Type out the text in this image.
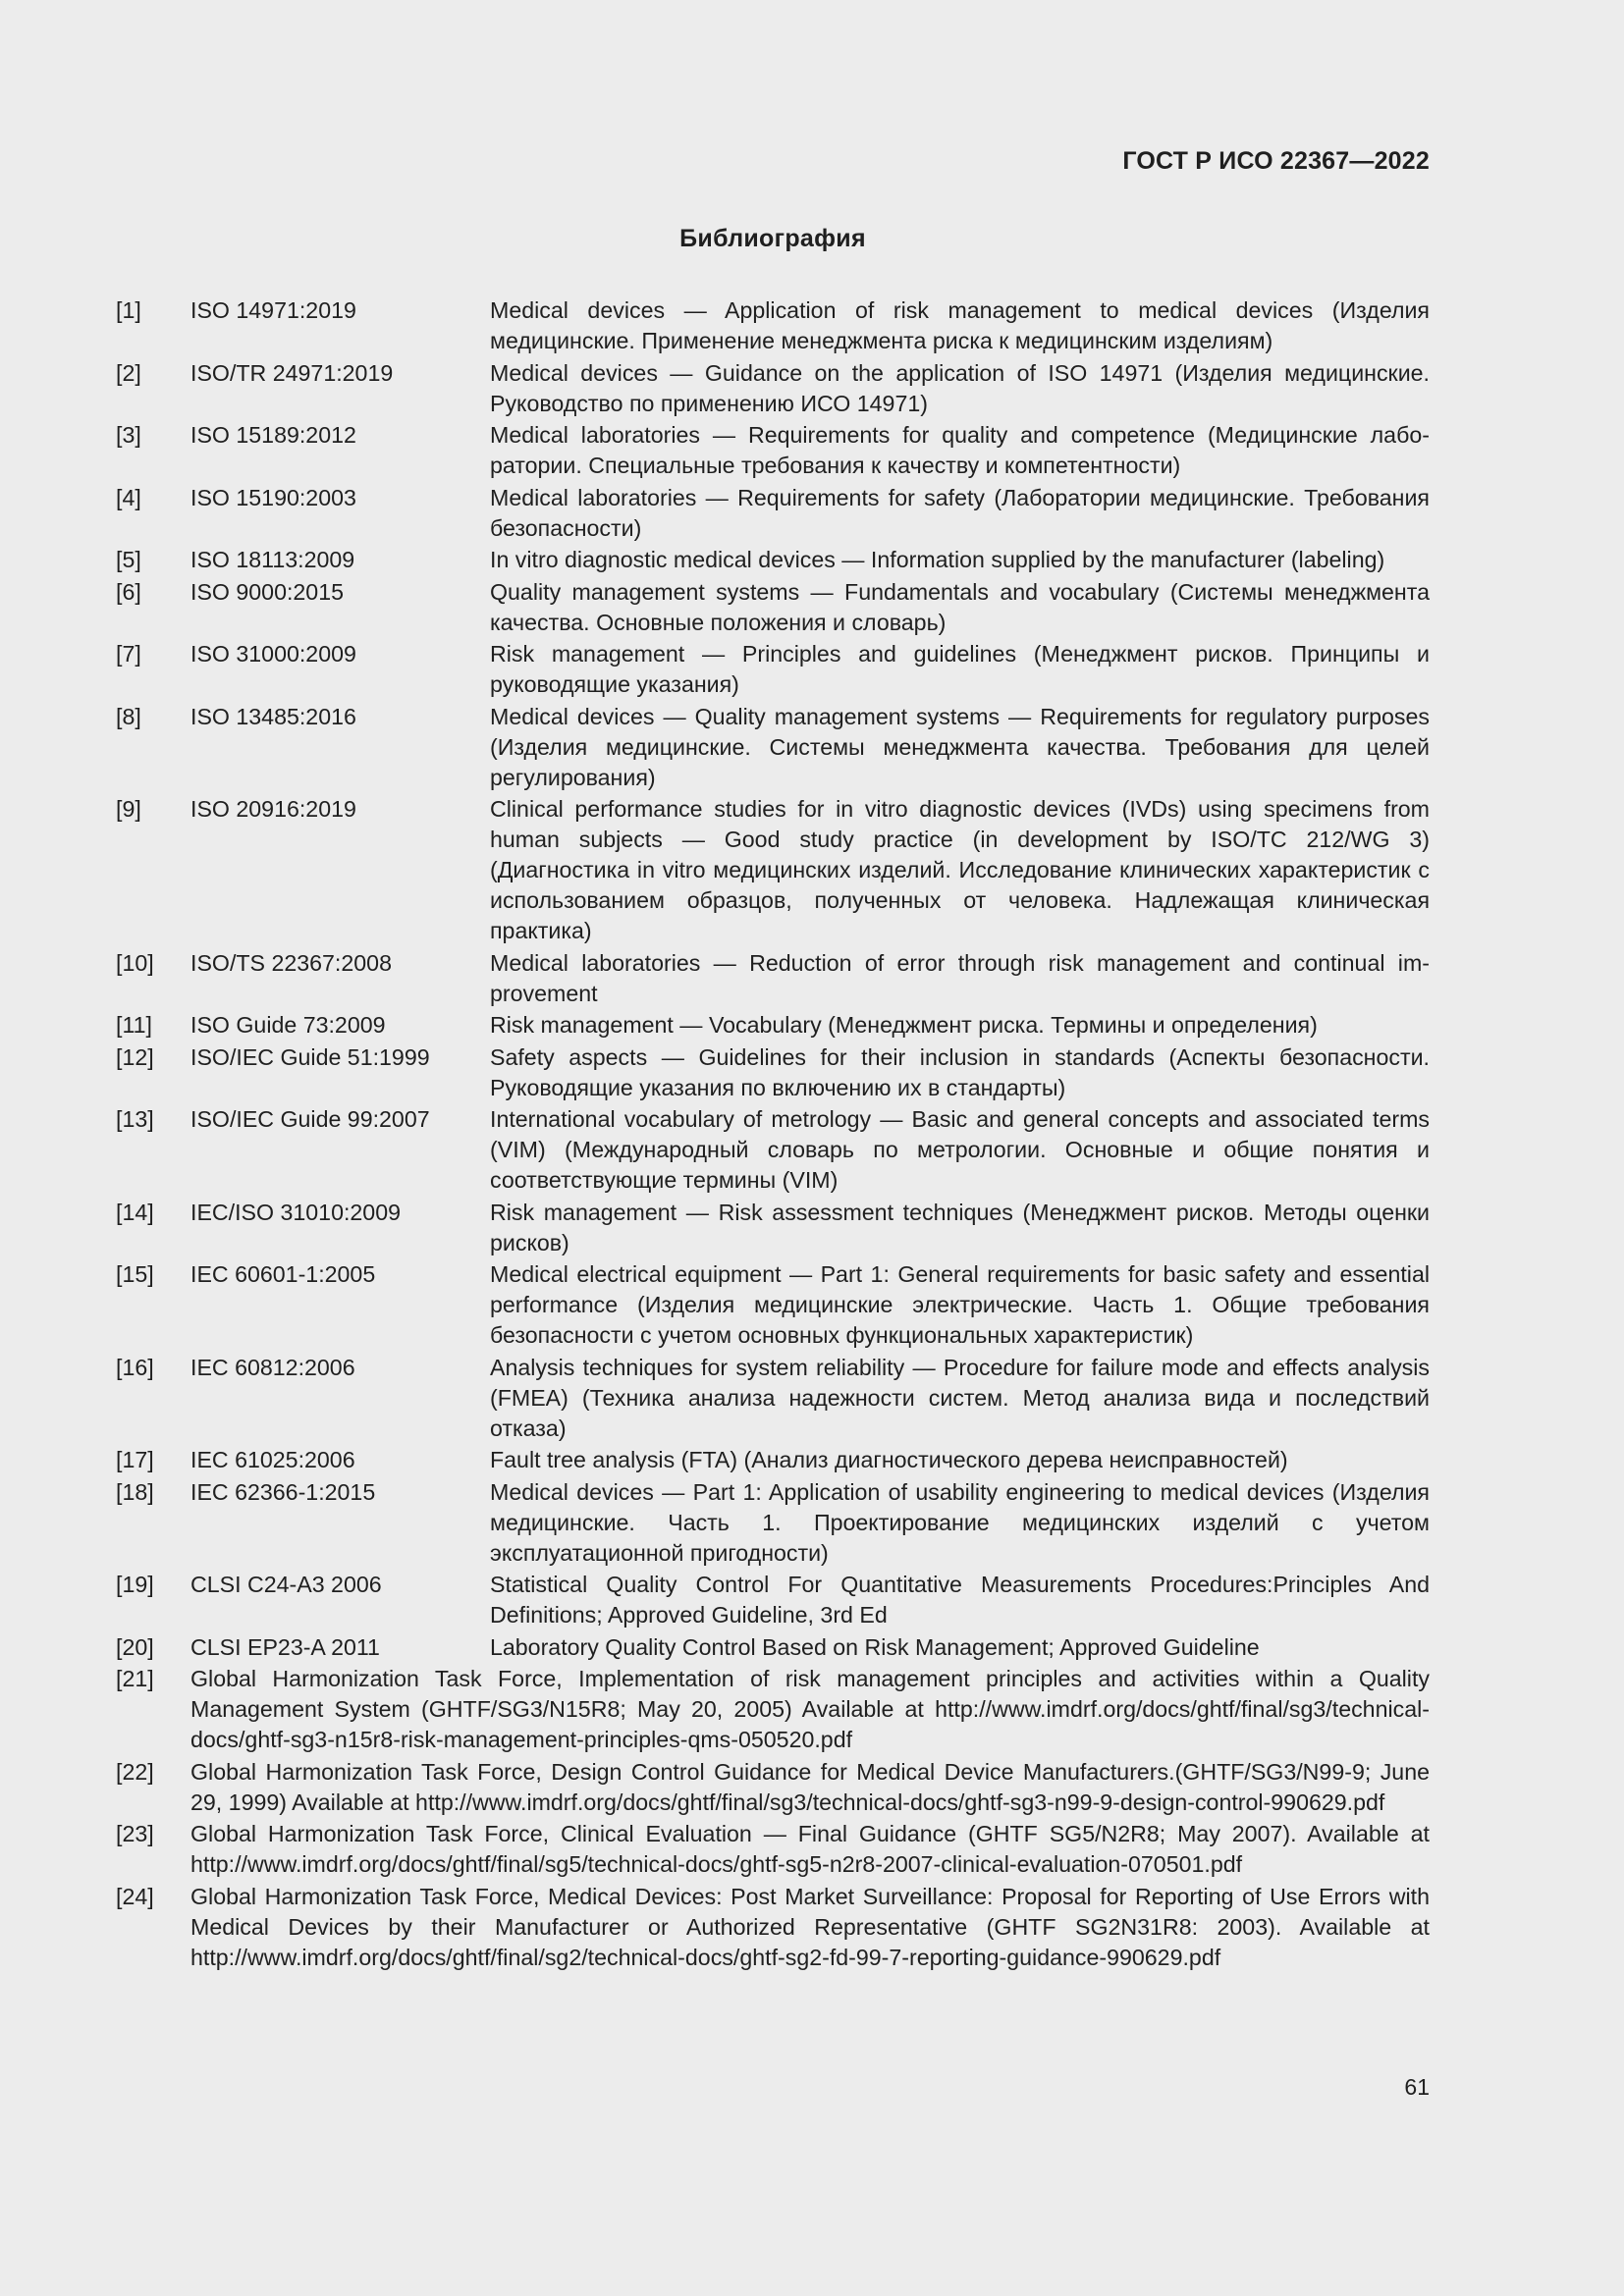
ГОСТ Р ИСО 22367—2022
Библиография
[1] ISO 14971:2019	Medical devices — Application of risk management to medical devices (Изделия медицинские. Применение менеджмента риска к медицинским изделиям)
[2] ISO/TR 24971:2019	Medical devices — Guidance on the application of ISO 14971 (Изделия медицинские. Руководство по применению ИСО 14971)
[3] ISO 15189:2012	Medical laboratories — Requirements for quality and competence (Медицинские лаборатории. Специальные требования к качеству и компетентности)
[4] ISO 15190:2003	Medical laboratories — Requirements for safety (Лаборатории медицинские. Требования безопасности)
[5] ISO 18113:2009	In vitro diagnostic medical devices — Information supplied by the manufacturer (labeling)
[6] ISO 9000:2015	Quality management systems — Fundamentals and vocabulary (Системы менеджмента качества. Основные положения и словарь)
[7] ISO 31000:2009	Risk management — Principles and guidelines (Менеджмент рисков. Принципы и руководящие указания)
[8] ISO 13485:2016	Medical devices — Quality management systems — Requirements for regulatory purposes (Изделия медицинские. Системы менеджмента качества. Требования для целей регулирования)
[9] ISO 20916:2019	Clinical performance studies for in vitro diagnostic devices (IVDs) using specimens from human subjects — Good study practice (in development by ISO/TC 212/WG 3) (Диагностика in vitro медицинских изделий. Исследование клинических характеристик с использованием образцов, полученных от человека. Надлежащая клиническая практика)
[10] ISO/TS 22367:2008	Medical laboratories — Reduction of error through risk management and continual improvement
[11] ISO Guide 73:2009	Risk management — Vocabulary (Менеджмент риска. Термины и определения)
[12] ISO/IEC Guide 51:1999	Safety aspects — Guidelines for their inclusion in standards (Аспекты безопасности. Руководящие указания по включению их в стандарты)
[13] ISO/IEC Guide 99:2007	International vocabulary of metrology — Basic and general concepts and associated terms (VIM) (Международный словарь по метрологии. Основные и общие понятия и соответствующие термины (VIM)
[14] IEC/ISO 31010:2009	Risk management — Risk assessment techniques (Менеджмент рисков. Методы оценки рисков)
[15] IEC 60601-1:2005	Medical electrical equipment — Part 1: General requirements for basic safety and essential performance (Изделия медицинские электрические. Часть 1. Общие требования безопасности с учетом основных функциональных характеристик)
[16] IEC 60812:2006	Analysis techniques for system reliability — Procedure for failure mode and effects analysis (FMEA) (Техника анализа надежности систем. Метод анализа вида и последствий отказа)
[17] IEC 61025:2006	Fault tree analysis (FTA) (Анализ диагностического дерева неисправностей)
[18] IEC 62366-1:2015	Medical devices — Part 1: Application of usability engineering to medical devices (Изделия медицинские. Часть 1. Проектирование медицинских изделий с учетом эксплуатационной пригодности)
[19] CLSI C24-A3 2006	Statistical Quality Control For Quantitative Measurements Procedures:Principles And Definitions; Approved Guideline, 3rd Ed
[20] CLSI EP23-A 2011	Laboratory Quality Control Based on Risk Management; Approved Guideline
[21] Global Harmonization Task Force, Implementation of risk management principles and activities within a Quality Management System (GHTF/SG3/N15R8; May 20, 2005) Available at http://www.imdrf.org/docs/ghtf/final/sg3/technical-docs/ghtf-sg3-n15r8-risk-management-principles-qms-050520.pdf
[22] Global Harmonization Task Force, Design Control Guidance for Medical Device Manufacturers.(GHTF/SG3/N99-9; June 29, 1999) Available at http://www.imdrf.org/docs/ghtf/final/sg3/technical-docs/ghtf-sg3-n99-9-design-control-990629.pdf
[23] Global Harmonization Task Force, Clinical Evaluation — Final Guidance (GHTF SG5/N2R8; May 2007). Available at http://www.imdrf.org/docs/ghtf/final/sg5/technical-docs/ghtf-sg5-n2r8-2007-clinical-evaluation-070501.pdf
[24] Global Harmonization Task Force, Medical Devices: Post Market Surveillance: Proposal for Reporting of Use Errors with Medical Devices by their Manufacturer or Authorized Representative (GHTF SG2N31R8: 2003). Available at http://www.imdrf.org/docs/ghtf/final/sg2/technical-docs/ghtf-sg2-fd-99-7-reporting-guidance-990629.pdf
61
